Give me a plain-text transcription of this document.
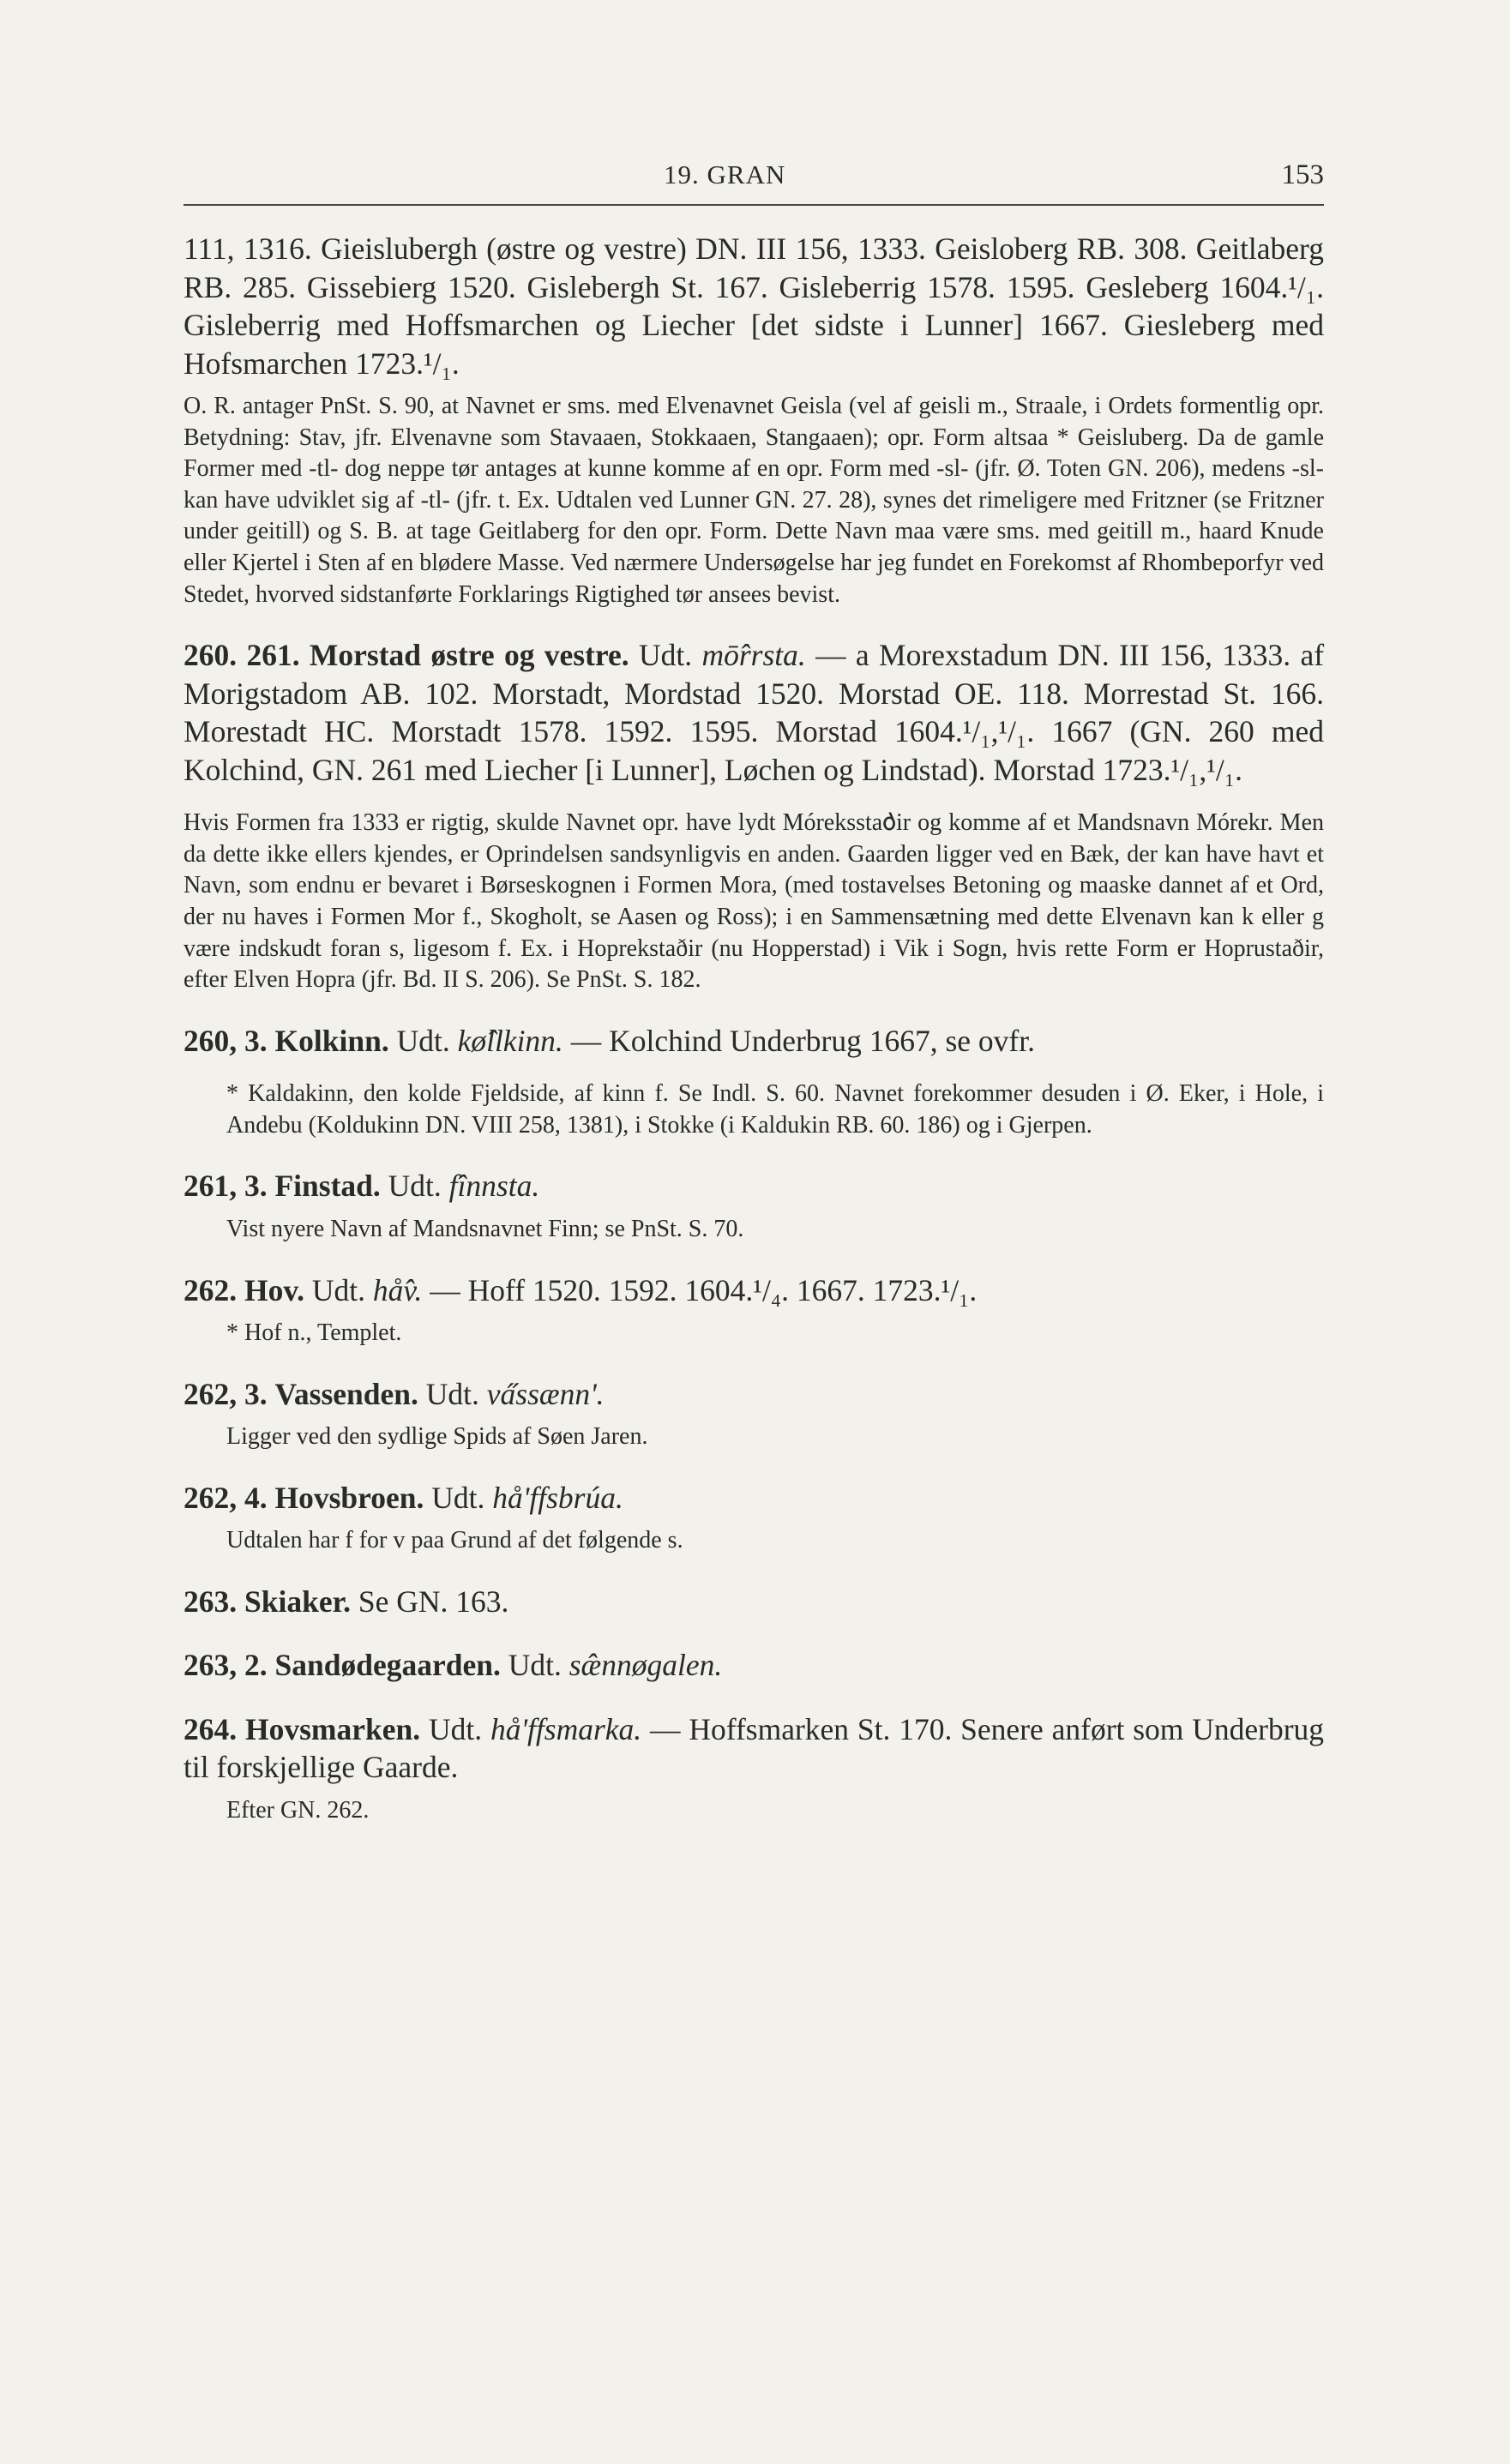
19. GRAN	153

111, 1316. Gieislubergh (østre og vestre) DN. III 156, 1333. Geisloberg RB. 308. Geitlaberg RB. 285. Gissebierg 1520. Gislebergh St. 167. Gisleberrig 1578. 1595. Gesleberg 1604.¹/₁. Gisleberrig med Hoffsmarchen og Liecher [det sidste i Lunner] 1667. Giesleberg med Hofsmarchen 1723.¹/₁.

O. R. antager PnSt. S. 90, at Navnet er sms. med Elvenavnet Geisla (vel af geisli m., Straale, i Ordets formentlig opr. Betydning: Stav, jfr. Elvenavne som Stavaaen, Stokkaaen, Stangaaen); opr. Form altsaa * Geisluberg. Da de gamle Former med -tl- dog neppe tør antages at kunne komme af en opr. Form med -sl- (jfr. Ø. Toten GN. 206), medens -sl- kan have udviklet sig af -tl- (jfr. t. Ex. Udtalen ved Lunner GN. 27. 28), synes det rimeligere med Fritzner (se Fritzner under geitill) og S. B. at tage Geitlaberg for den opr. Form. Dette Navn maa være sms. med geitill m., haard Knude eller Kjertel i Sten af en blødere Masse. Ved nærmere Undersøgelse har jeg fundet en Forekomst af Rhombeporfyr ved Stedet, hvorved sidstanførte Forklarings Rigtighed tør ansees bevist.

260. 261. Morstad østre og vestre. Udt. mō̂rrsta. — a Morexstadum DN. III 156, 1333. af Morigstadom AB. 102. Morstadt, Mordstad 1520. Morstad OE. 118. Morrestad St. 166. Morestadt HC. Morstadt 1578. 1592. 1595. Morstad 1604.¹/₁,¹/₁. 1667 (GN. 260 med Kolchind, GN. 261 med Liecher [i Lunner], Løchen og Lindstad). Morstad 1723.¹/₁,¹/₁.

Hvis Formen fra 1333 er rigtig, skulde Navnet opr. have lydt Mórekssta𐌳ir og komme af et Mandsnavn Mórekr. Men da dette ikke ellers kjendes, er Oprindelsen sandsynligvis en anden. Gaarden ligger ved en Bæk, der kan have havt et Navn, som endnu er bevaret i Børseskognen i Formen Mora, (med tostavelses Betoning og maaske dannet af et Ord, der nu haves i Formen Mor f., Skogholt, se Aasen og Ross); i en Sammensætning med dette Elvenavn kan k eller g være indskudt foran s, ligesom f. Ex. i Hoprekstaðir (nu Hopperstad) i Vik i Sogn, hvis rette Form er Hoprustaðir, efter Elven Hopra (jfr. Bd. II S. 206). Se PnSt. S. 182.

260, 3. Kolkinn. Udt. kø̂llkinn. — Kolchind Underbrug 1667, se ovfr.

* Kaldakinn, den kolde Fjeldside, af kinn f. Se Indl. S. 60. Navnet forekommer desuden i Ø. Eker, i Hole, i Andebu (Koldukinn DN. VIII 258, 1381), i Stokke (i Kaldukin RB. 60. 186) og i Gjerpen.

261, 3. Finstad. Udt. fînnsta.

Vist nyere Navn af Mandsnavnet Finn; se PnSt. S. 70.

262. Hov. Udt. hå̂v. — Hoff 1520. 1592. 1604.¹/₄. 1667. 1723.¹/₁.

* Hof n., Templet.

262, 3. Vassenden. Udt. va̋ssænn'.

Ligger ved den sydlige Spids af Søen Jaren.

262, 4. Hovsbroen. Udt. hå'ffsbrúa.

Udtalen har f for v paa Grund af det følgende s.

263. Skiaker. Se GN. 163.

263, 2. Sandødegaarden. Udt. sæ̂nnøgalen.

264. Hovsmarken. Udt. hå'ffsmarka. — Hoffsmarken St. 170. Senere anført som Underbrug til forskjellige Gaarde.

Efter GN. 262.
